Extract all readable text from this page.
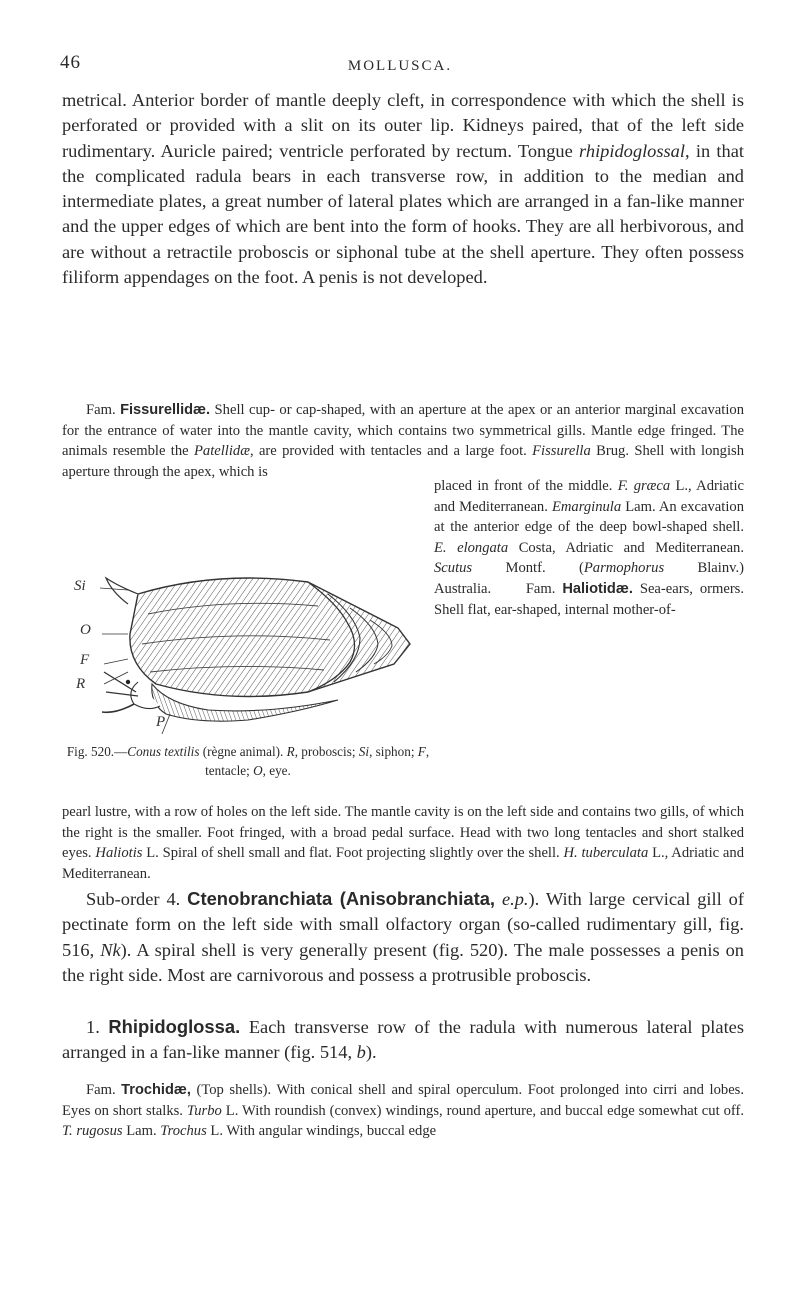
46	MOLLUSCA.

metrical. Anterior border of mantle deeply cleft, in correspondence with which the shell is perforated or provided with a slit on its outer lip. Kidneys paired, that of the left side rudimentary. Auricle paired; ventricle perforated by rectum. Tongue rhipidoglossal, in that the complicated radula bears in each transverse row, in addition to the median and intermediate plates, a great number of lateral plates which are arranged in a fan-like manner and the upper edges of which are bent into the form of hooks. They are all herbivorous, and are without a retractile proboscis or siphonal tube at the shell aperture. They often possess filiform appendages on the foot. A penis is not developed.

Fam. Fissurellidæ. Shell cup- or cap-shaped, with an aperture at the apex or an anterior marginal excavation for the entrance of water into the mantle cavity, which contains two symmetrical gills. Mantle edge fringed. The animals resemble the Patellidæ, are provided with tentacles and a large foot. Fissurella Brug. Shell with longish aperture through the apex, which is

placed in front of the middle. F. græca L., Adriatic and Mediterranean. Emarginula Lam. An excavation at the anterior edge of the deep bowl-shaped shell. E. elongata Costa, Adriatic and Mediterranean. Scutus Montf. (Parmophorus Blainv.) Australia.     Fam. Haliotidæ. Sea-ears, ormers. Shell flat, ear-shaped, internal mother-of-

Si
O
F
R
P

Fig. 520.—Conus textilis (règne animal). R, proboscis; Si, siphon; F, tentacle; O, eye.

pearl lustre, with a row of holes on the left side. The mantle cavity is on the left side and contains two gills, of which the right is the smaller. Foot fringed, with a broad pedal surface. Head with two long tentacles and short stalked eyes. Haliotis L. Spiral of shell small and flat. Foot projecting slightly over the shell. H. tuberculata L., Adriatic and Mediterranean.

Sub-order 4. Ctenobranchiata (Anisobranchiata, e.p.). With large cervical gill of pectinate form on the left side with small olfactory organ (so-called rudimentary gill, fig. 516, Nk). A spiral shell is very generally present (fig. 520). The male possesses a penis on the right side. Most are carnivorous and possess a protrusible proboscis.

1. Rhipidoglossa. Each transverse row of the radula with numerous lateral plates arranged in a fan-like manner (fig. 514, b).

Fam. Trochidæ, (Top shells). With conical shell and spiral operculum. Foot prolonged into cirri and lobes. Eyes on short stalks. Turbo L. With roundish (convex) windings, round aperture, and buccal edge somewhat cut off. T. rugosus Lam. Trochus L. With angular windings, buccal edge
